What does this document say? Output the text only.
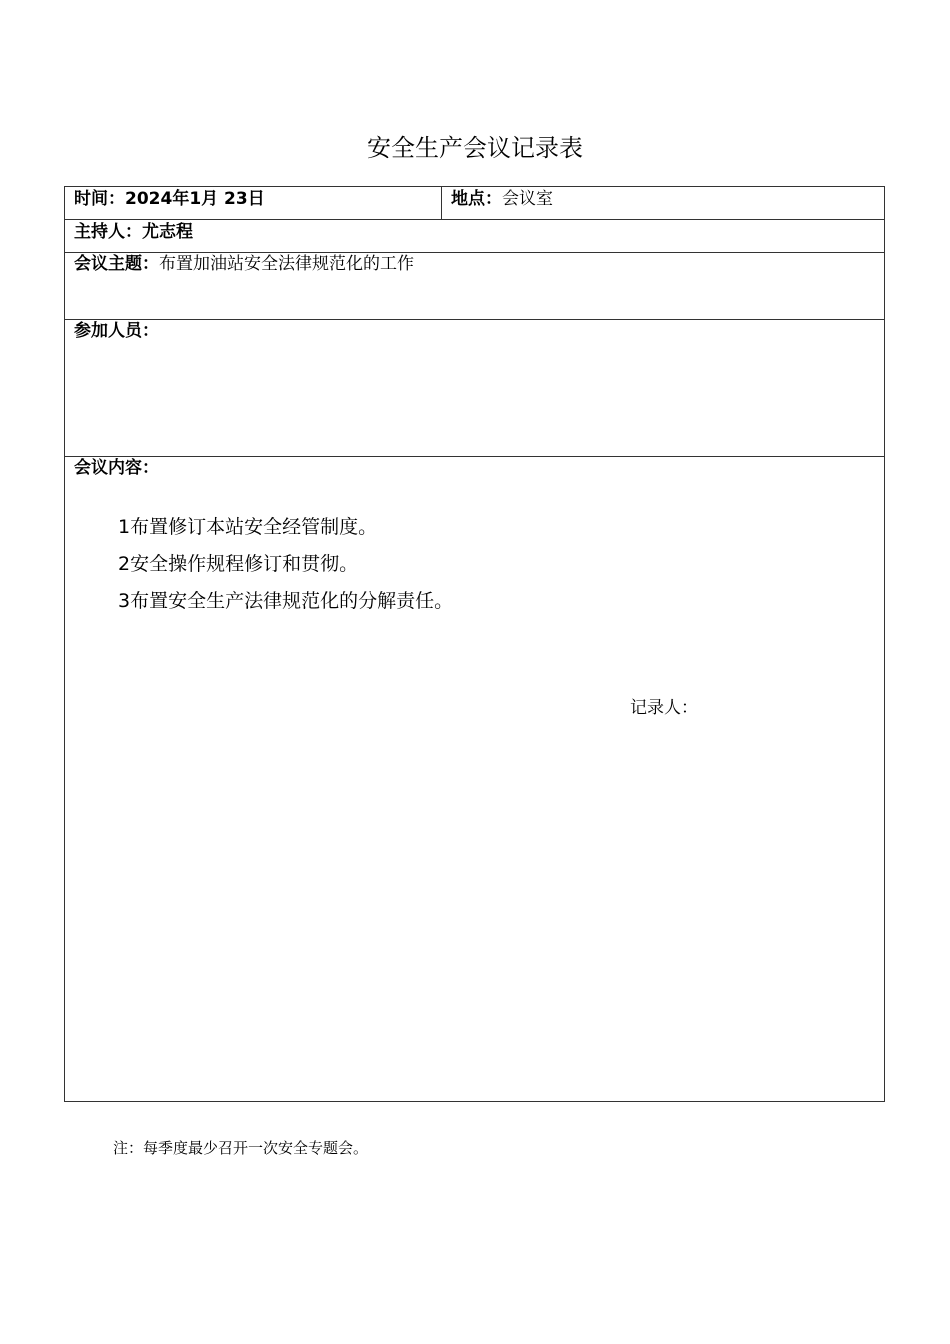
安全生产会议记录表
时间：2024年1月 23日	地点：会议室
主持人：尤志程
会议主题：布置加油站安全法律规范化的工作
参加人员：
会议内容：
1布置修订本站安全经管制度。
2安全操作规程修订和贯彻。
3布置安全生产法律规范化的分解责任。
记录人：
注：每季度最少召开一次安全专题会。
